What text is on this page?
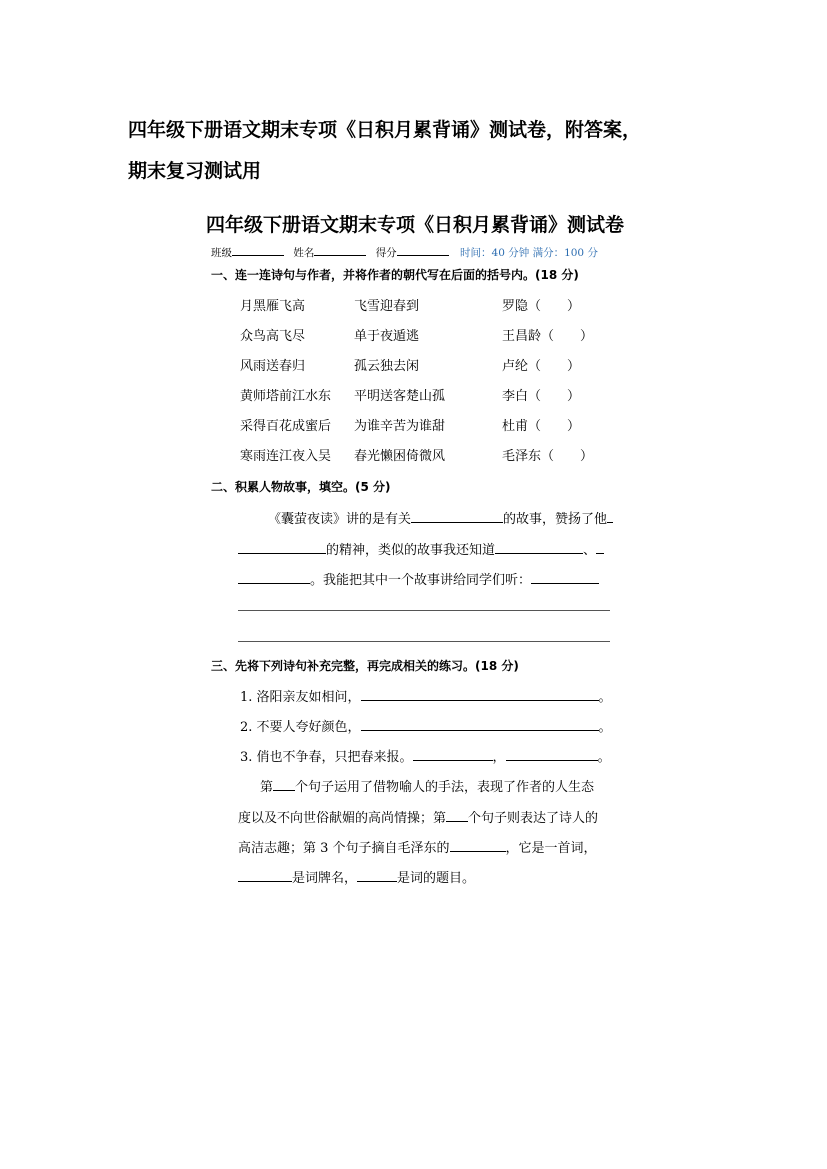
四年级下册语文期末专项《日积月累背诵》测试卷，附答案，
期末复习测试用
四年级下册语文期末专项《日积月累背诵》测试卷
班级	姓名	得分	时间：40 分钟 满分：100 分
一、连一连诗句与作者，并将作者的朝代写在后面的括号内。(18 分)
月黑雁飞高	飞雪迎春到	罗隐（　　）
众鸟高飞尽	单于夜遁逃	王昌龄（　　）
风雨送春归	孤云独去闲	卢纶（　　）
黄师塔前江水东 平明送客楚山孤	李白（　　）
采得百花成蜜后 为谁辛苦为谁甜	杜甫（　　）
寒雨连江夜入吴 春光懒困倚微风	毛泽东（　　）
二、积累人物故事，填空。(5 分)
《囊萤夜读》讲的是有关	的故事，赞扬了他
的精神，类似的故事我还知道	、
。我能把其中一个故事讲给同学们听：
三、先将下列诗句补充完整，再完成相关的练习。(18 分)
1. 洛阳亲友如相问，	。
2. 不要人夸好颜色，	。
3. 俏也不争春，只把春来报。	，	。
第 个句子运用了借物喻人的手法，表现了作者的人生态
度以及不向世俗献媚的高尚情操；第 个句子则表达了诗人的
高洁志趣；第 3 个句子摘自毛泽东的	，它是一首词，
是词牌名，	是词的题目。
